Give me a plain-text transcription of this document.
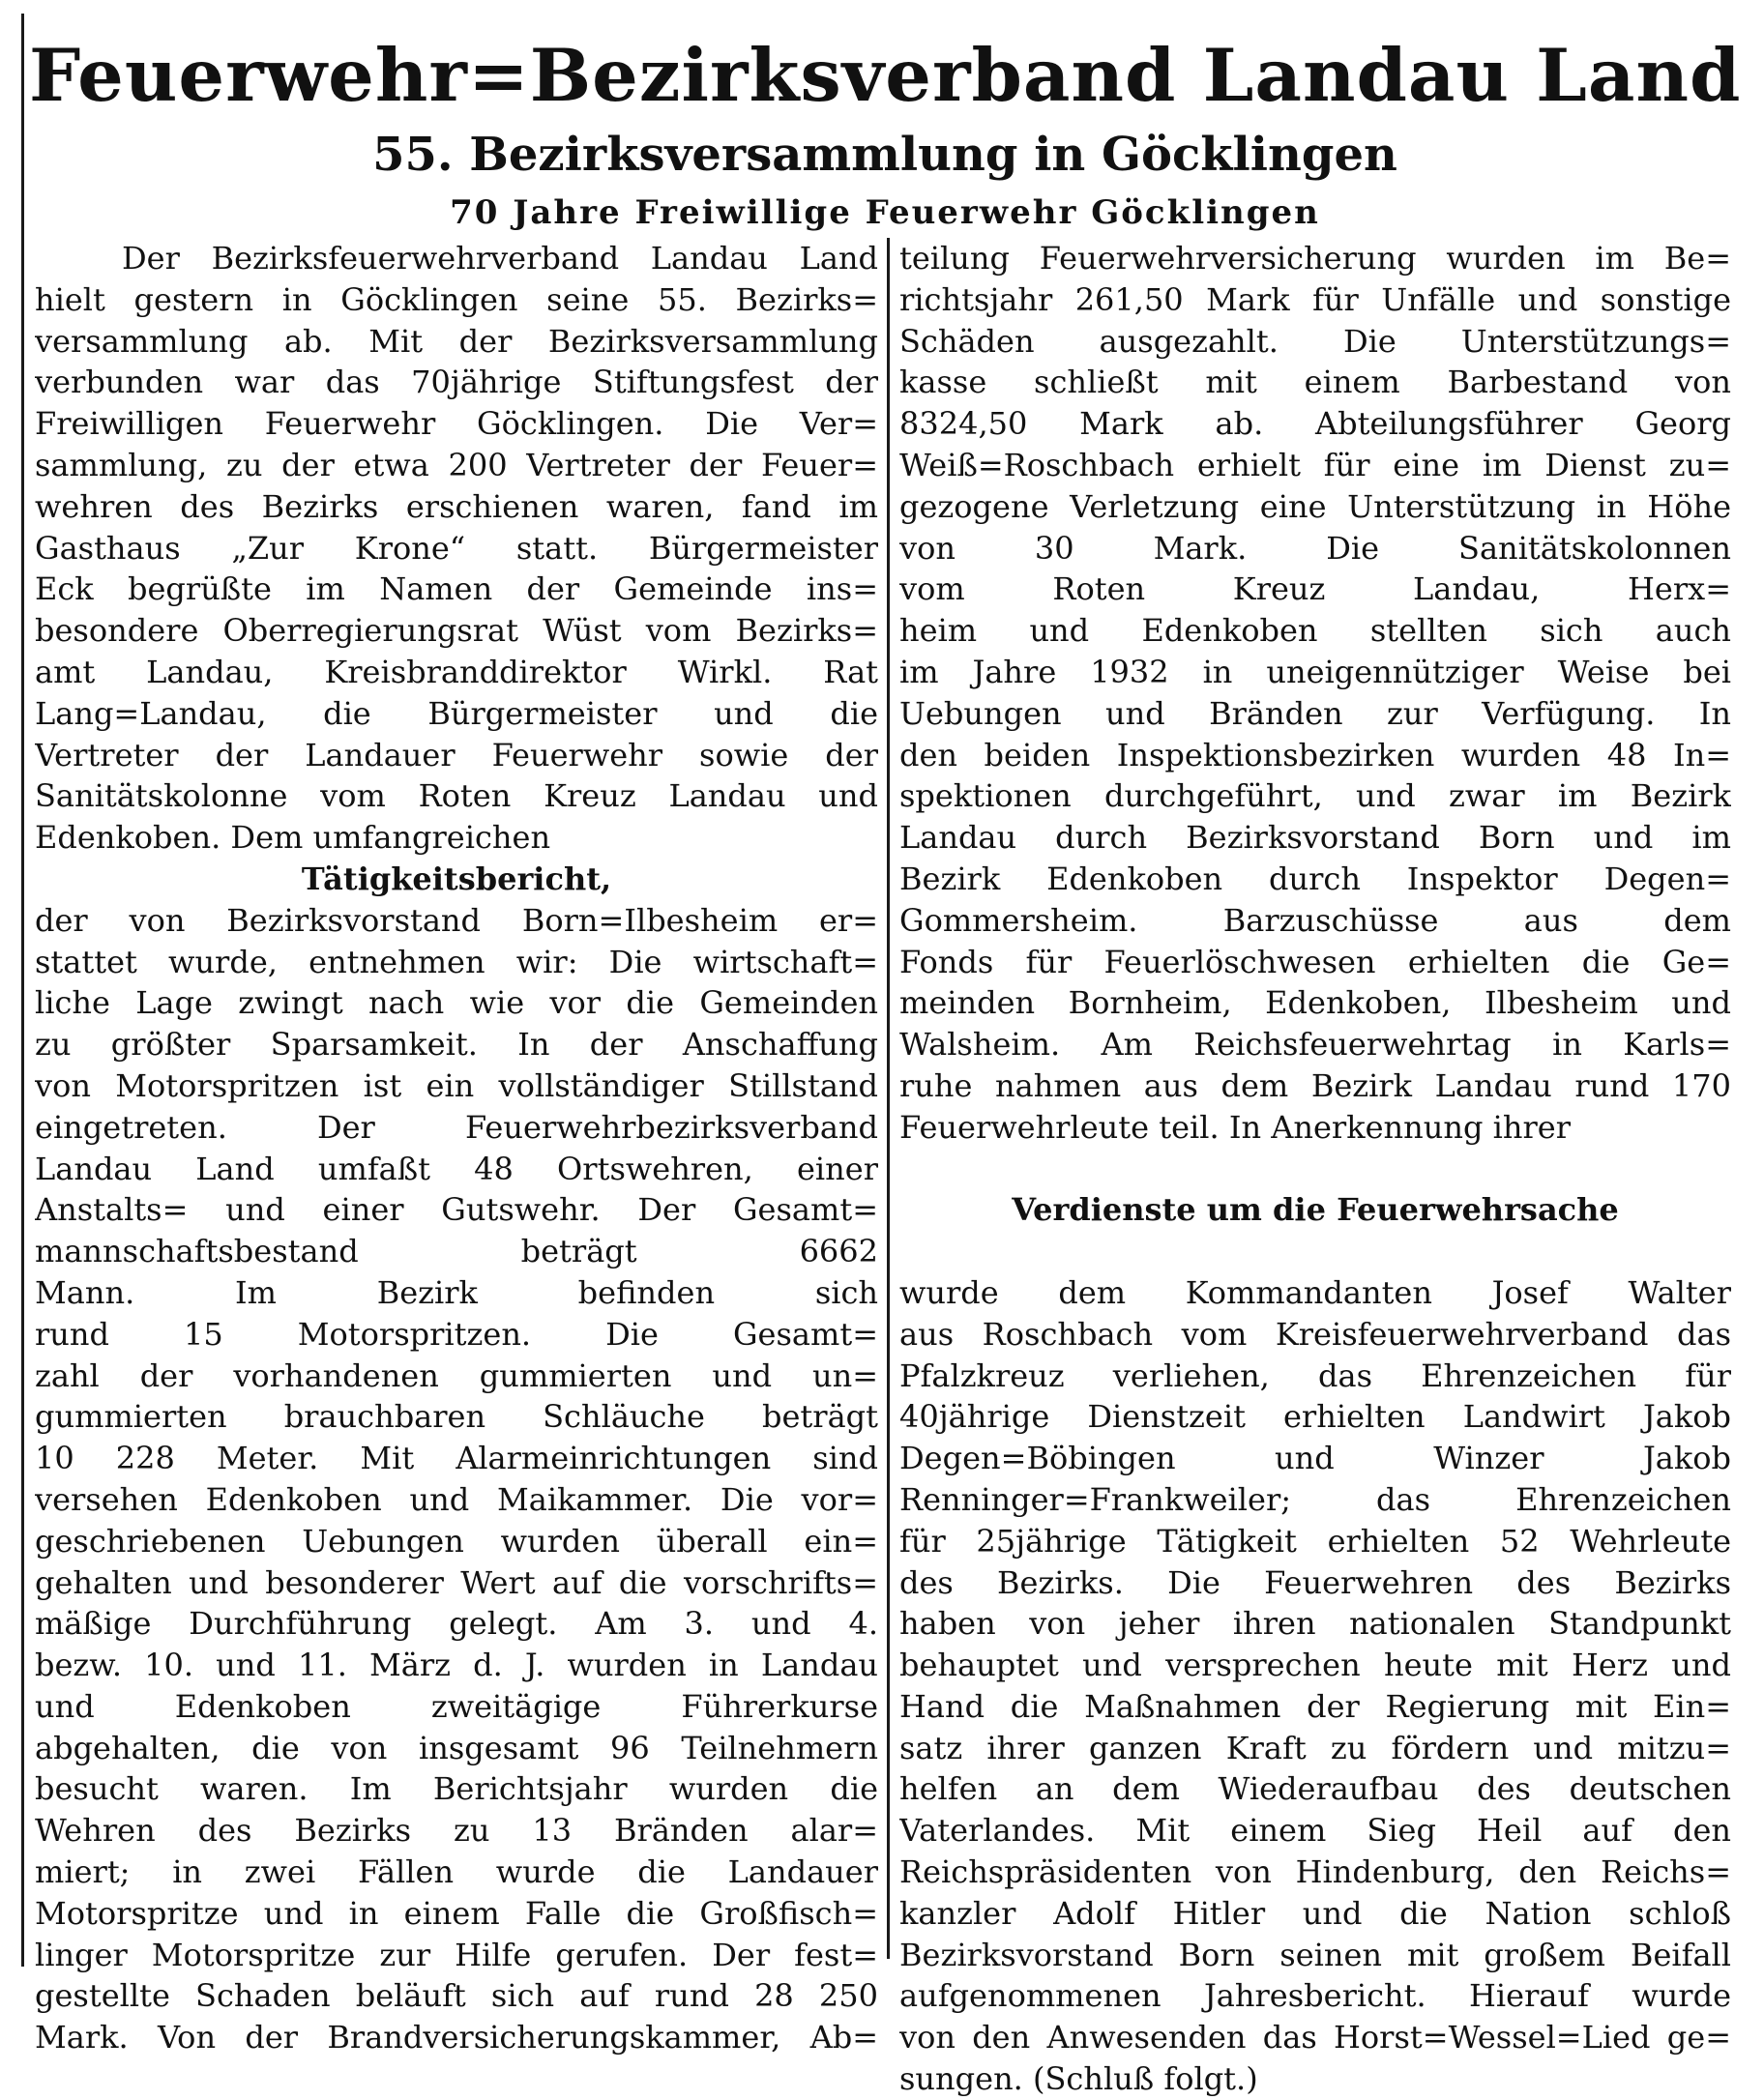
Feuerwehr=Bezirksverband Landau Land
55. Bezirksversammlung in Göcklingen
70 Jahre Freiwillige Feuerwehr Göcklingen
Der Bezirksfeuerwehrverband Landau Land
hielt gestern in Göcklingen seine 55. Bezirks=
versammlung ab. Mit der Bezirksversammlung
verbunden war das 70jährige Stiftungsfest der
Freiwilligen Feuerwehr Göcklingen. Die Ver=
sammlung, zu der etwa 200 Vertreter der Feuer=
wehren des Bezirks erschienen waren, fand im
Gasthaus „Zur Krone“ statt. Bürgermeister
Eck begrüßte im Namen der Gemeinde ins=
besondere Oberregierungsrat Wüst vom Bezirks=
amt Landau, Kreisbranddirektor Wirkl. Rat
Lang=Landau, die Bürgermeister und die
Vertreter der Landauer Feuerwehr sowie der
Sanitätskolonne vom Roten Kreuz Landau und
Edenkoben. Dem umfangreichen
Tätigkeitsbericht,
der von Bezirksvorstand Born=Ilbesheim er=
stattet wurde, entnehmen wir: Die wirtschaft=
liche Lage zwingt nach wie vor die Gemeinden
zu größter Sparsamkeit. In der Anschaffung
von Motorspritzen ist ein vollständiger Stillstand
eingetreten. Der Feuerwehrbezirksverband
Landau Land umfaßt 48 Ortswehren, einer
Anstalts= und einer Gutswehr. Der Gesamt=
mannschaftsbestand beträgt 6662
Mann. Im Bezirk befinden sich
rund 15 Motorspritzen. Die Gesamt=
zahl der vorhandenen gummierten und un=
gummierten brauchbaren Schläuche beträgt
10 228 Meter. Mit Alarmeinrichtungen sind
versehen Edenkoben und Maikammer. Die vor=
geschriebenen Uebungen wurden überall ein=
gehalten und besonderer Wert auf die vorschrifts=
mäßige Durchführung gelegt. Am 3. und 4.
bezw. 10. und 11. März d. J. wurden in Landau
und Edenkoben zweitägige Führerkurse
abgehalten, die von insgesamt 96 Teilnehmern
besucht waren. Im Berichtsjahr wurden die
Wehren des Bezirks zu 13 Bränden alar=
miert; in zwei Fällen wurde die Landauer
Motorspritze und in einem Falle die Großfisch=
linger Motorspritze zur Hilfe gerufen. Der fest=
gestellte Schaden beläuft sich auf rund 28 250
Mark. Von der Brandversicherungskammer, Ab=
teilung Feuerwehrversicherung wurden im Be=
richtsjahr 261,50 Mark für Unfälle und sonstige
Schäden ausgezahlt. Die Unterstützungs=
kasse schließt mit einem Barbestand von
8324,50 Mark ab. Abteilungsführer Georg
Weiß=Roschbach erhielt für eine im Dienst zu=
gezogene Verletzung eine Unterstützung in Höhe
von 30 Mark. Die Sanitätskolonnen
vom Roten Kreuz Landau, Herx=
heim und Edenkoben stellten sich auch
im Jahre 1932 in uneigennütziger Weise bei
Uebungen und Bränden zur Verfügung. In
den beiden Inspektionsbezirken wurden 48 In=
spektionen durchgeführt, und zwar im Bezirk
Landau durch Bezirksvorstand Born und im
Bezirk Edenkoben durch Inspektor Degen=
Gommersheim. Barzuschüsse aus dem
Fonds für Feuerlöschwesen erhielten die Ge=
meinden Bornheim, Edenkoben, Ilbesheim und
Walsheim. Am Reichsfeuerwehrtag in Karls=
ruhe nahmen aus dem Bezirk Landau rund 170
Feuerwehrleute teil. In Anerkennung ihrer
Verdienste um die Feuerwehrsache
wurde dem Kommandanten Josef Walter
aus Roschbach vom Kreisfeuerwehrverband das
Pfalzkreuz verliehen, das Ehrenzeichen für
40jährige Dienstzeit erhielten Landwirt Jakob
Degen=Böbingen und Winzer Jakob
Renninger=Frankweiler; das Ehrenzeichen
für 25jährige Tätigkeit erhielten 52 Wehrleute
des Bezirks. Die Feuerwehren des Bezirks
haben von jeher ihren nationalen Standpunkt
behauptet und versprechen heute mit Herz und
Hand die Maßnahmen der Regierung mit Ein=
satz ihrer ganzen Kraft zu fördern und mitzu=
helfen an dem Wiederaufbau des deutschen
Vaterlandes. Mit einem Sieg Heil auf den
Reichspräsidenten von Hindenburg, den Reichs=
kanzler Adolf Hitler und die Nation schloß
Bezirksvorstand Born seinen mit großem Beifall
aufgenommenen Jahresbericht. Hierauf wurde
von den Anwesenden das Horst=Wessel=Lied ge=
sungen. (Schluß folgt.)
